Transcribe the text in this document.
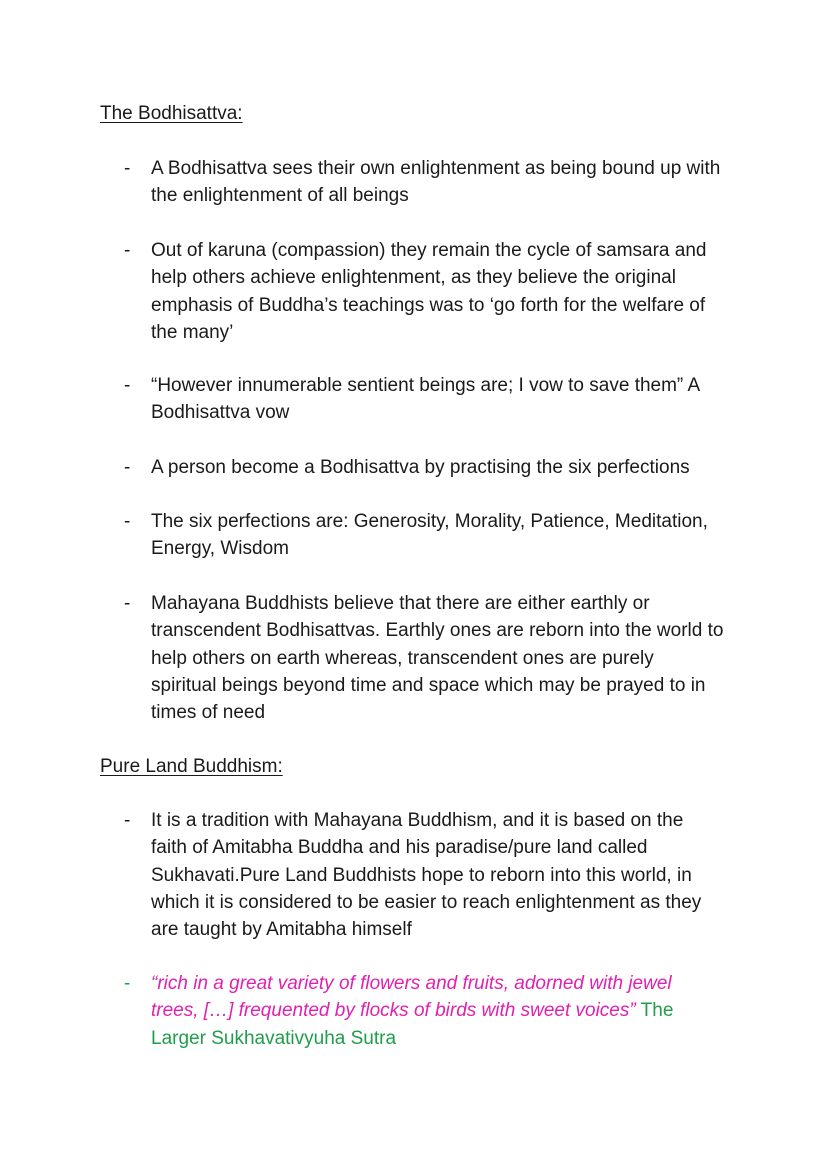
The Bodhisattva:
-	A Bodhisattva sees their own enlightenment as being bound up with the enlightenment of all beings
-	Out of karuna (compassion) they remain the cycle of samsara and help others achieve enlightenment, as they believe the original emphasis of Buddha’s teachings was to ‘go forth for the welfare of the many’
-	“However innumerable sentient beings are; I vow to save them” A Bodhisattva vow
-	A person become a Bodhisattva by practising the six perfections
-	The six perfections are: Generosity, Morality, Patience, Meditation, Energy, Wisdom
-	Mahayana Buddhists believe that there are either earthly or transcendent Bodhisattvas. Earthly ones are reborn into the world to help others on earth whereas, transcendent ones are purely spiritual beings beyond time and space which may be prayed to in times of need
Pure Land Buddhism:
-	It is a tradition with Mahayana Buddhism, and it is based on the faith of Amitabha Buddha and his paradise/pure land called Sukhavati.Pure Land Buddhists hope to reborn into this world, in which it is considered to be easier to reach enlightenment as they are taught by Amitabha himself
-	“rich in a great variety of flowers and fruits, adorned with jewel trees, […] frequented by flocks of birds with sweet voices” The Larger Sukhavativyuha Sutra
